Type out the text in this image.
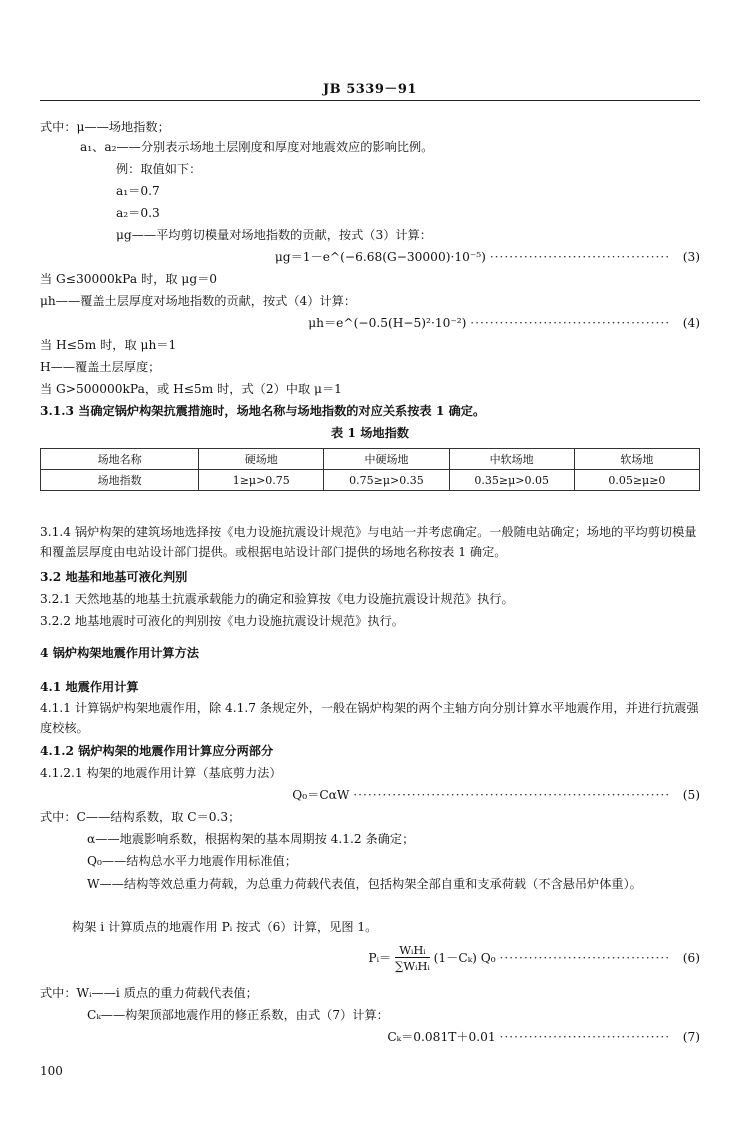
JB 5339－91
式中：μ——场地指数；
a₁、a₂——分别表示场地土层刚度和厚度对地震效应的影响比例。
例：取值如下：
a₁＝0.7
a₂＝0.3
μg——平均剪切模量对场地指数的贡献，按式（3）计算：
μg＝1－e^(−6.68(G−30000)·10⁻⁵) ····································· (3)
当 G≤30000kPa 时，取 μg＝0
μh——覆盖土层厚度对场地指数的贡献，按式（4）计算：
μh＝e^(−0.5(H−5)²·10⁻²) ········································· (4)
当 H≤5m 时，取 μh＝1
H——覆盖土层厚度；
当 G>500000kPa，或 H≤5m 时，式（2）中取 μ＝1
3.1.3 当确定锅炉构架抗震措施时，场地名称与场地指数的对应关系按表 1 确定。
表 1 场地指数
场地名称	硬场地	中硬场地	中软场地	软场地
场地指数	1≥μ>0.75	0.75≥μ>0.35	0.35≥μ>0.05	0.05≥μ≥0
3.1.4 锅炉构架的建筑场地选择按《电力设施抗震设计规范》与电站一并考虑确定。一般随电站确定；场地的平均剪切模量和覆盖层厚度由电站设计部门提供。或根据电站设计部门提供的场地名称按表 1 确定。
3.2 地基和地基可液化判别
3.2.1 天然地基的地基土抗震承载能力的确定和验算按《电力设施抗震设计规范》执行。
3.2.2 地基地震时可液化的判别按《电力设施抗震设计规范》执行。
4 锅炉构架地震作用计算方法
4.1 地震作用计算
4.1.1 计算锅炉构架地震作用，除 4.1.7 条规定外，一般在锅炉构架的两个主轴方向分别计算水平地震作用，并进行抗震强度校核。
4.1.2 锅炉构架的地震作用计算应分两部分
4.1.2.1 构架的地震作用计算（基底剪力法）
Q₀＝CαW ································································· (5)
式中：C——结构系数，取 C＝0.3；
α——地震影响系数，根据构架的基本周期按 4.1.2 条确定；
Q₀——结构总水平力地震作用标准值；
W——结构等效总重力荷载，为总重力荷载代表值，包括构架全部自重和支承荷载（不含悬吊炉体重）。
构架 i 计算质点的地震作用 Pᵢ 按式（6）计算，见图 1。
Pᵢ＝ $\frac{\text{WᵢHᵢ}}{\text{∑WᵢHᵢ}} (1-C_k)$ Q₀ ··································· (6)
式中：Wᵢ——i 质点的重力荷载代表值；
Cₖ——构架顶部地震作用的修正系数，由式（7）计算：
Cₖ＝0.081T＋0.01 ··································· (7)
100
